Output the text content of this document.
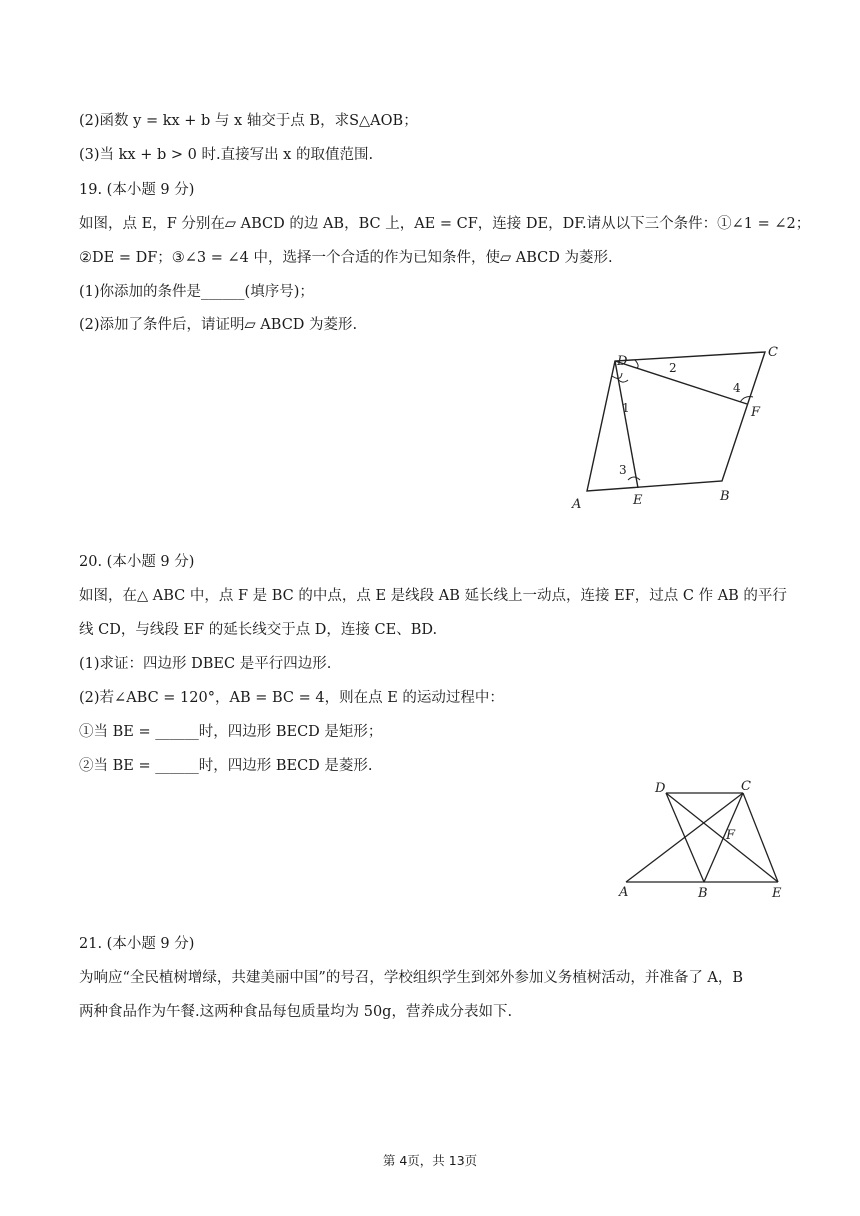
(2)函数 y = kx + b 与 x 轴交于点 B，求S△AOB；
(3)当 kx + b > 0 时.直接写出 x 的取值范围.
19. (本小题 9 分)
如图，点 E，F 分别在▱ ABCD 的边 AB，BC 上，AE = CF，连接 DE，DF.请从以下三个条件：①∠1 = ∠2；
②DE = DF；③∠3 = ∠4 中，选择一个合适的作为已知条件，使▱ ABCD 为菱形.
(1)你添加的条件是______(填序号)；
(2)添加了条件后，请证明▱ ABCD 为菱形.
D
C
A	E	B
F
1
2
3
4
20. (本小题 9 分)
如图，在△ ABC 中，点 F 是 BC 的中点，点 E 是线段 AB 延长线上一动点，连接 EF，过点 C 作 AB 的平行
线 CD，与线段 EF 的延长线交于点 D，连接 CE、BD.
(1)求证：四边形 DBEC 是平行四边形.
(2)若∠ABC = 120°，AB = BC = 4，则在点 E 的运动过程中：
①当 BE = ______时，四边形 BECD 是矩形；
②当 BE = ______时，四边形 BECD 是菱形.
D	C
F
A	B	E
21. (本小题 9 分)
为响应“全民植树增绿，共建美丽中国”的号召，学校组织学生到郊外参加义务植树活动，并准备了 A，B
两种食品作为午餐.这两种食品每包质量均为 50g，营养成分表如下.
第 4页，共 13页
